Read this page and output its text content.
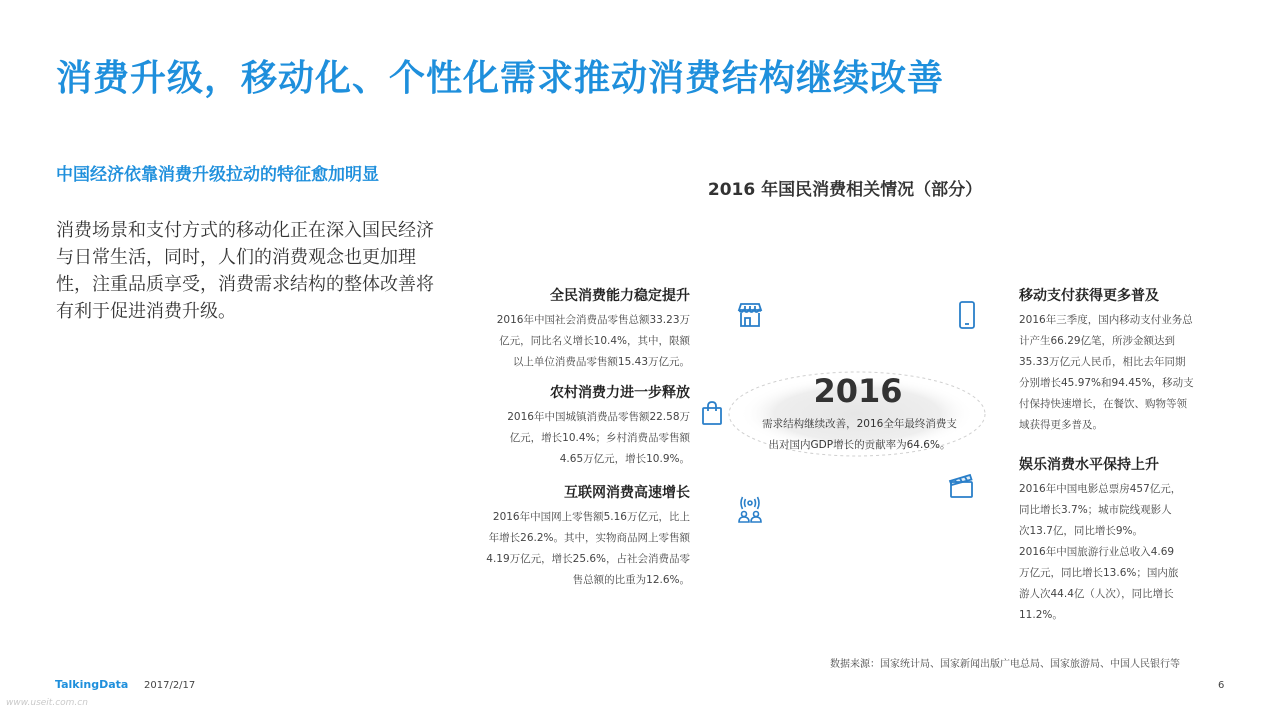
消费升级，移动化、个性化需求推动消费结构继续改善
中国经济依靠消费升级拉动的特征愈加明显
消费场景和支付方式的移动化正在深入国民经济与日常生活，同时，人们的消费观念也更加理性，注重品质享受，消费需求结构的整体改善将有利于促进消费升级。
2016 年国民消费相关情况（部分）
全民消费能力稳定提升
2016年中国社会消费品零售总额33.23万
亿元，同比名义增长10.4%，其中，限额
以上单位消费品零售额15.43万亿元。
农村消费力进一步释放
2016年中国城镇消费品零售额22.58万
亿元，增长10.4%；乡村消费品零售额
4.65万亿元，增长10.9%。
互联网消费高速增长
2016年中国网上零售额5.16万亿元，比上
年增长26.2%。其中，实物商品网上零售额
4.19万亿元，增长25.6%，占社会消费品零
售总额的比重为12.6%。
移动支付获得更多普及
2016年三季度，国内移动支付业务总
计产生66.29亿笔，所涉金额达到
35.33万亿元人民币，相比去年同期
分别增长45.97%和94.45%，移动支
付保持快速增长，在餐饮、购物等领
域获得更多普及。
娱乐消费水平保持上升
2016年中国电影总票房457亿元，
同比增长3.7%；城市院线观影人
次13.7亿，同比增长9%。
2016年中国旅游行业总收入4.69
万亿元，同比增长13.6%；国内旅
游人次44.4亿（人次），同比增长
11.2%。
2016
需求结构继续改善，2016全年最终消费支
出对国内GDP增长的贡献率为64.6%。
数据来源：国家统计局、国家新闻出版广电总局、国家旅游局、中国人民银行等
TalkingData 2017/2/17	6
www.useit.com.cn
